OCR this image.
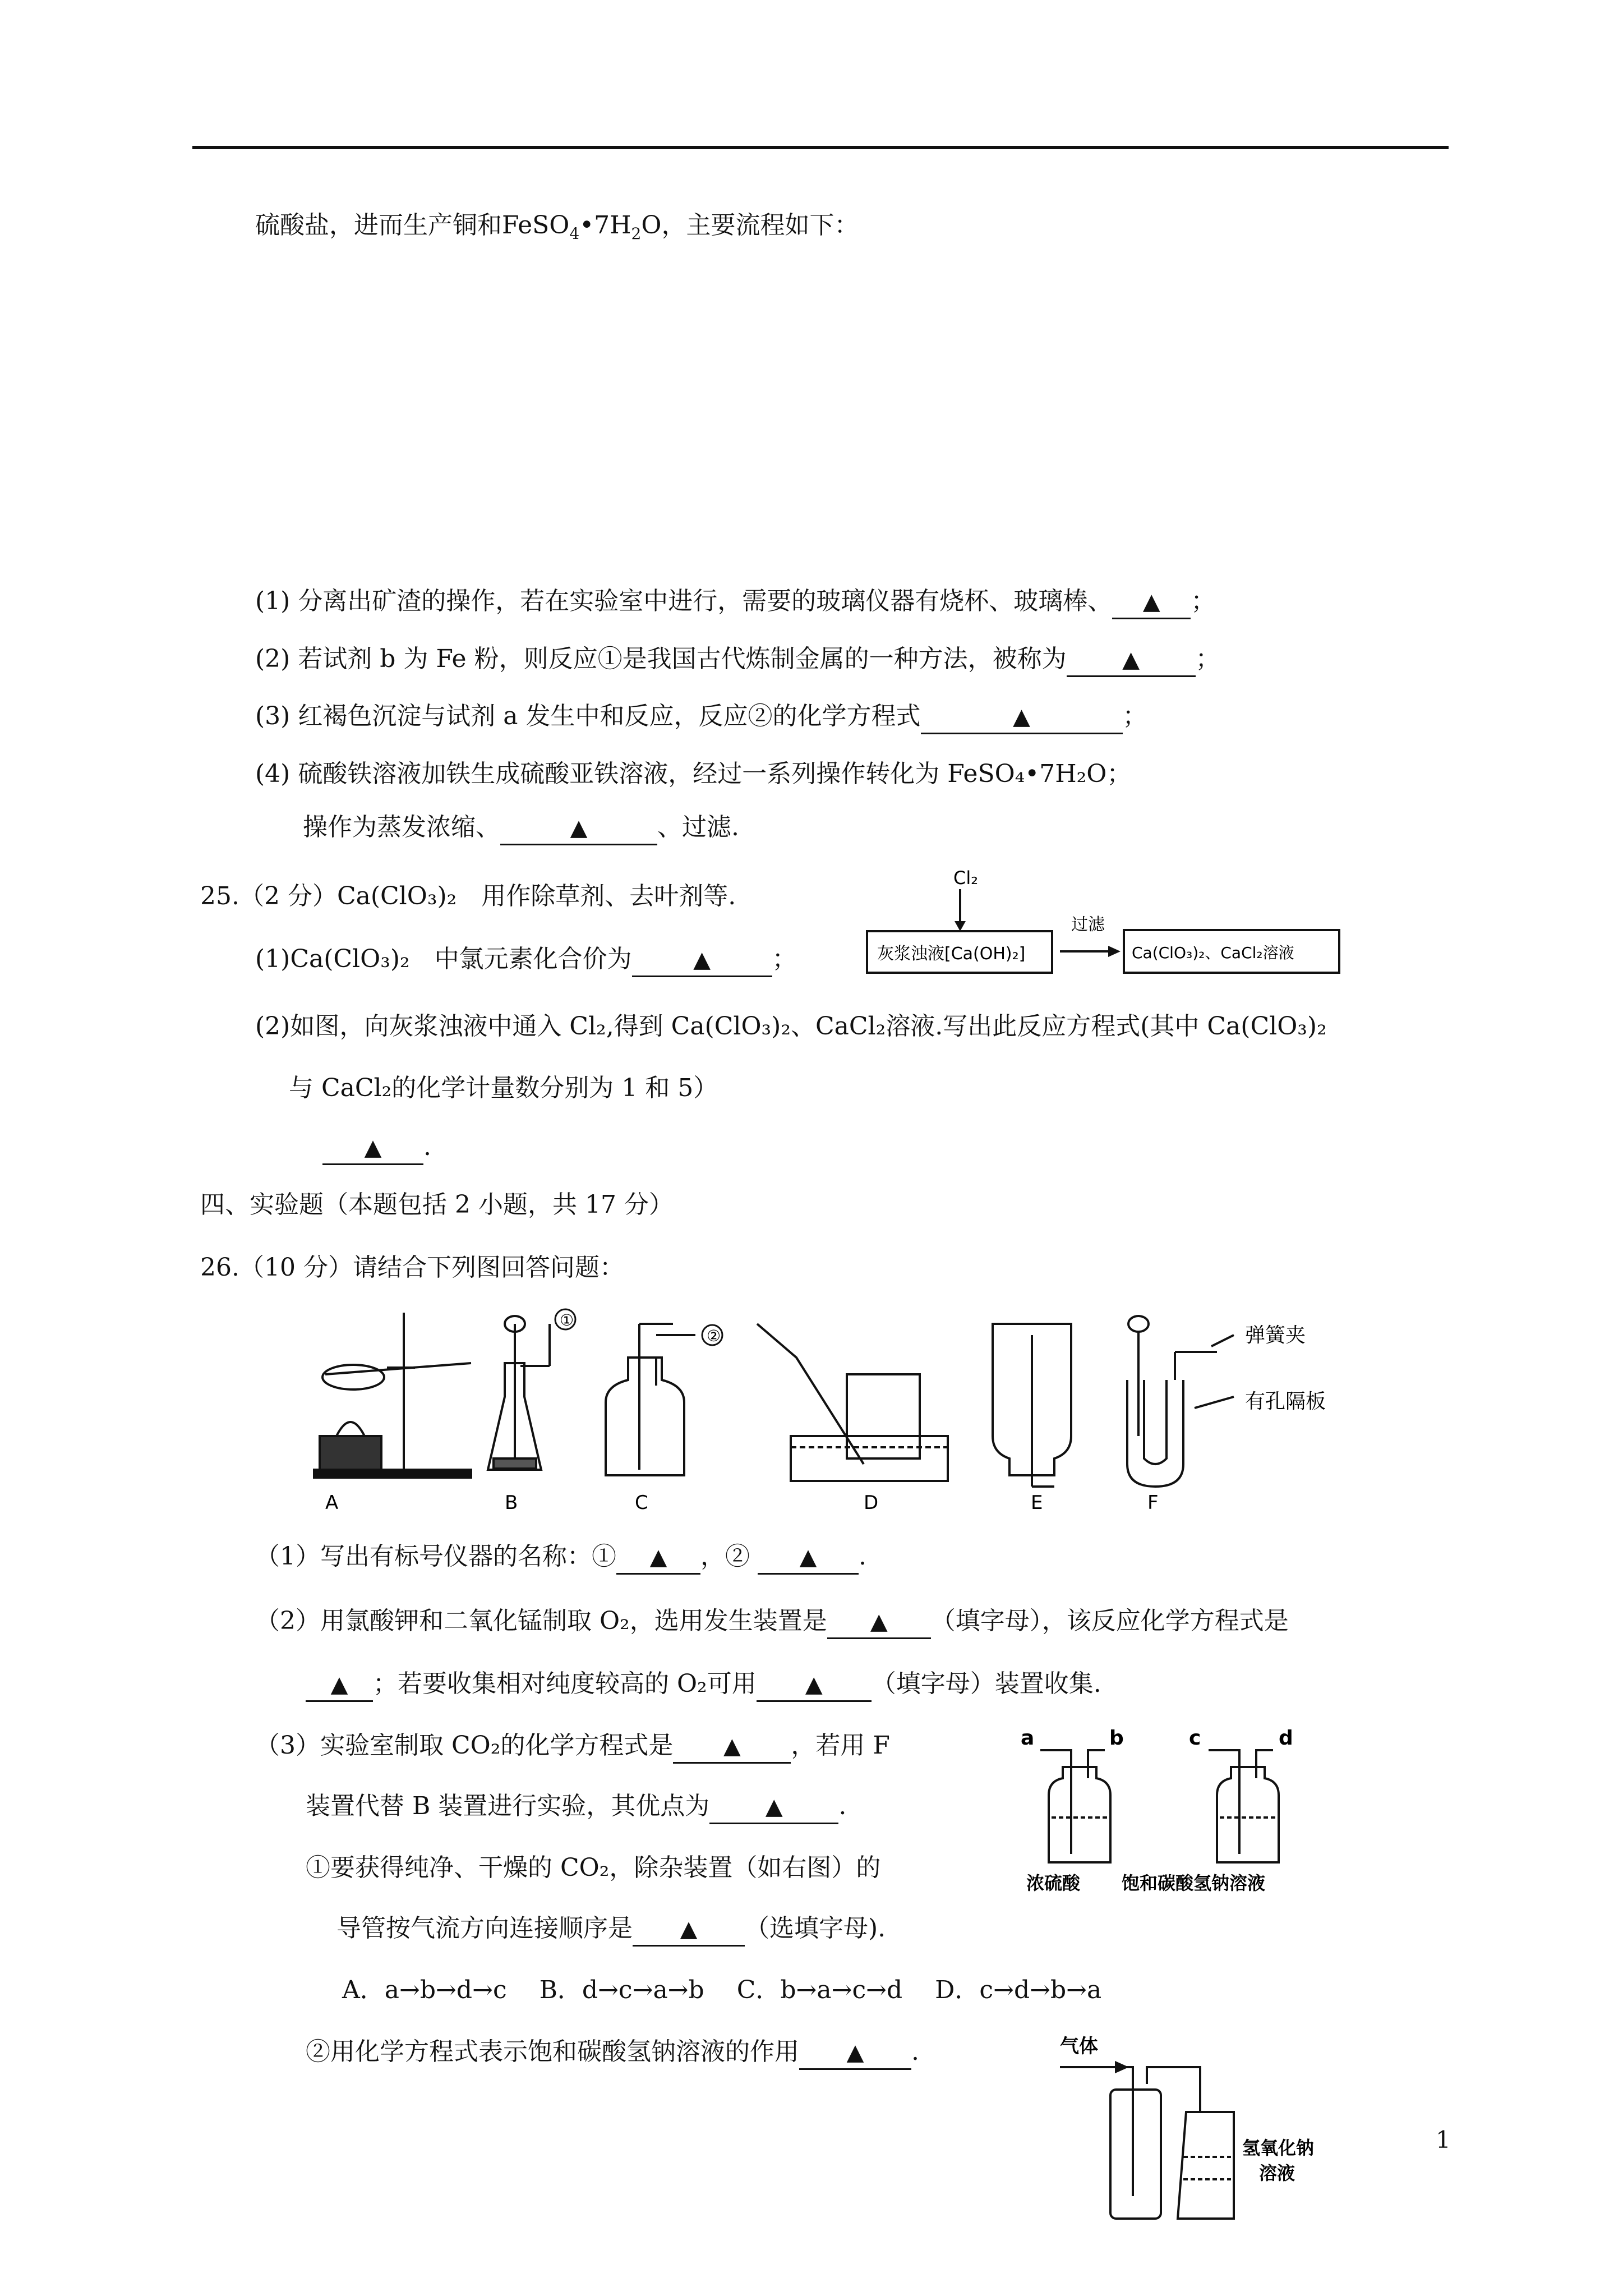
硫酸盐，进而生产铜和$FeSO_4•7H_2O$，主要流程如下：
(1) 分离出矿渣的操作，若在实验室中进行，需要的玻璃仪器有烧杯、玻璃棒、 ▲ ；
(2) 若试剂 b 为 Fe 粉，则反应①是我国古代炼制金属的一种方法，被称为 ▲ ；
(3) 红褐色沉淀与试剂 a 发生中和反应，反应②的化学方程式	▲	；
(4) 硫酸铁溶液加铁生成硫酸亚铁溶液，经过一系列操作转化为 FeSO₄•7H₂O；
操作为蒸发浓缩、	▲	、过滤.
25.（2 分）Ca(ClO₃)₂　用作除草剂、去叶剂等.
(1)Ca(ClO₃)₂　中氯元素化合价为	▲ ；
Cl₂
灰浆浊液[Ca(OH)₂]
过滤
Ca(ClO₃)₂、CaCl₂溶液
(2)如图，向灰浆浊液中通入 Cl₂,得到 Ca(ClO₃)₂、CaCl₂溶液.写出此反应方程式(其中 Ca(ClO₃)₂
与 CaCl₂的化学计量数分别为 1 和 5）
▲ .
四、实验题（本题包括 2 小题，共 17 分）
26.（10 分）请结合下列图回答问题：
A
①
B
②
C	D	E
弹簧夹
有孔隔板
F
（1）写出有标号仪器的名称：① ▲ ，② ▲ .
（2）用氯酸钾和二氧化锰制取 O₂，选用发生装置是 ▲ （填字母），该反应化学方程式是
▲ ；若要收集相对纯度较高的 O₂可用 ▲ （填字母）装置收集.
（3）实验室制取 CO₂的化学方程式是 ▲ ，若用 F
装置代替 B 装置进行实验，其优点为 ▲ .
①要获得纯净、干燥的 CO₂，除杂装置（如右图）的
导管按气流方向连接顺序是 ▲ （选填字母).
A．a→b→d→c　 B．d→c→a→b　 C．b→a→c→d　 D．c→d→b→a
②用化学方程式表示饱和碳酸氢钠溶液的作用 ▲ .
a	b	c	d
浓硫酸 饱和碳酸氢钠溶液
气体
氢氧化钠
溶液
1
